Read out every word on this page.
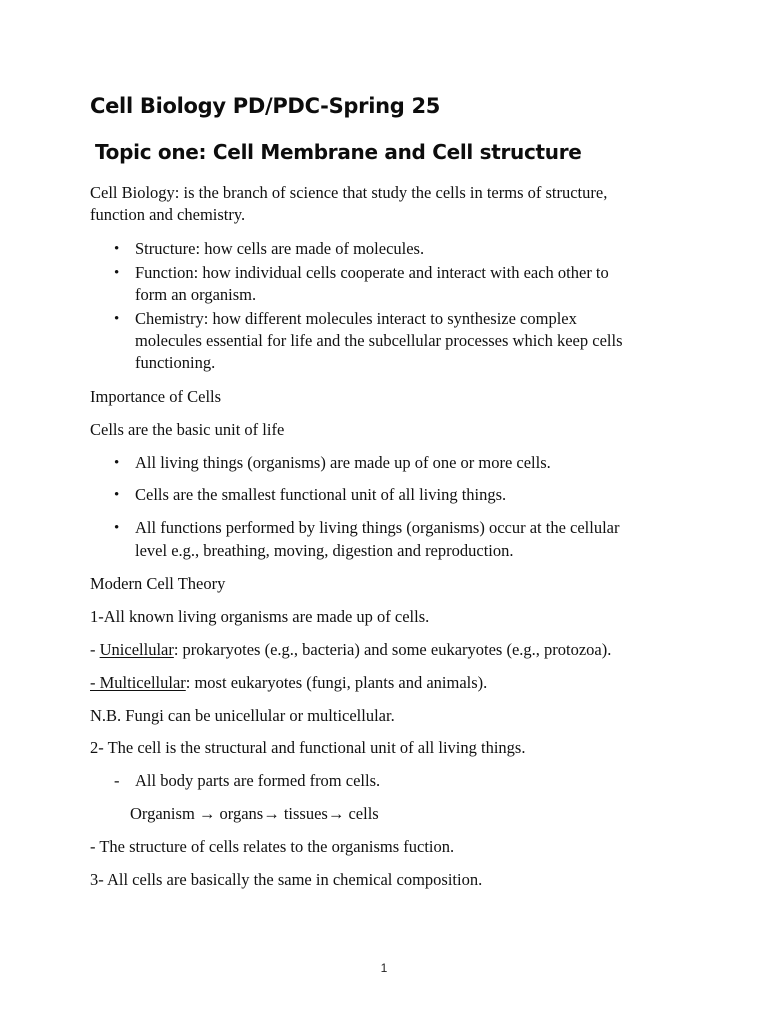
Cell Biology PD/PDC-Spring 25
Topic one: Cell Membrane and Cell structure
Cell Biology: is the branch of science that study the cells in terms of structure,
function and chemistry.
• Structure: how cells are made of molecules.
• Function: how individual cells cooperate and interact with each other to
form an organism.
• Chemistry: how different molecules interact to synthesize complex
molecules essential for life and the subcellular processes which keep cells
functioning.
Importance of Cells
Cells are the basic unit of life
• All living things (organisms) are made up of one or more cells.
• Cells are the smallest functional unit of all living things.
• All functions performed by living things (organisms) occur at the cellular
level e.g., breathing, moving, digestion and reproduction.
Modern Cell Theory
1-All known living organisms are made up of cells.
- Unicellular: prokaryotes (e.g., bacteria) and some eukaryotes (e.g., protozoa).
- Multicellular: most eukaryotes (fungi, plants and animals).
N.B. Fungi can be unicellular or multicellular.
2- The cell is the structural and functional unit of all living things.
- All body parts are formed from cells.
Organism → organs→ tissues→ cells
- The structure of cells relates to the organisms fuction.
3- All cells are basically the same in chemical composition.
1
